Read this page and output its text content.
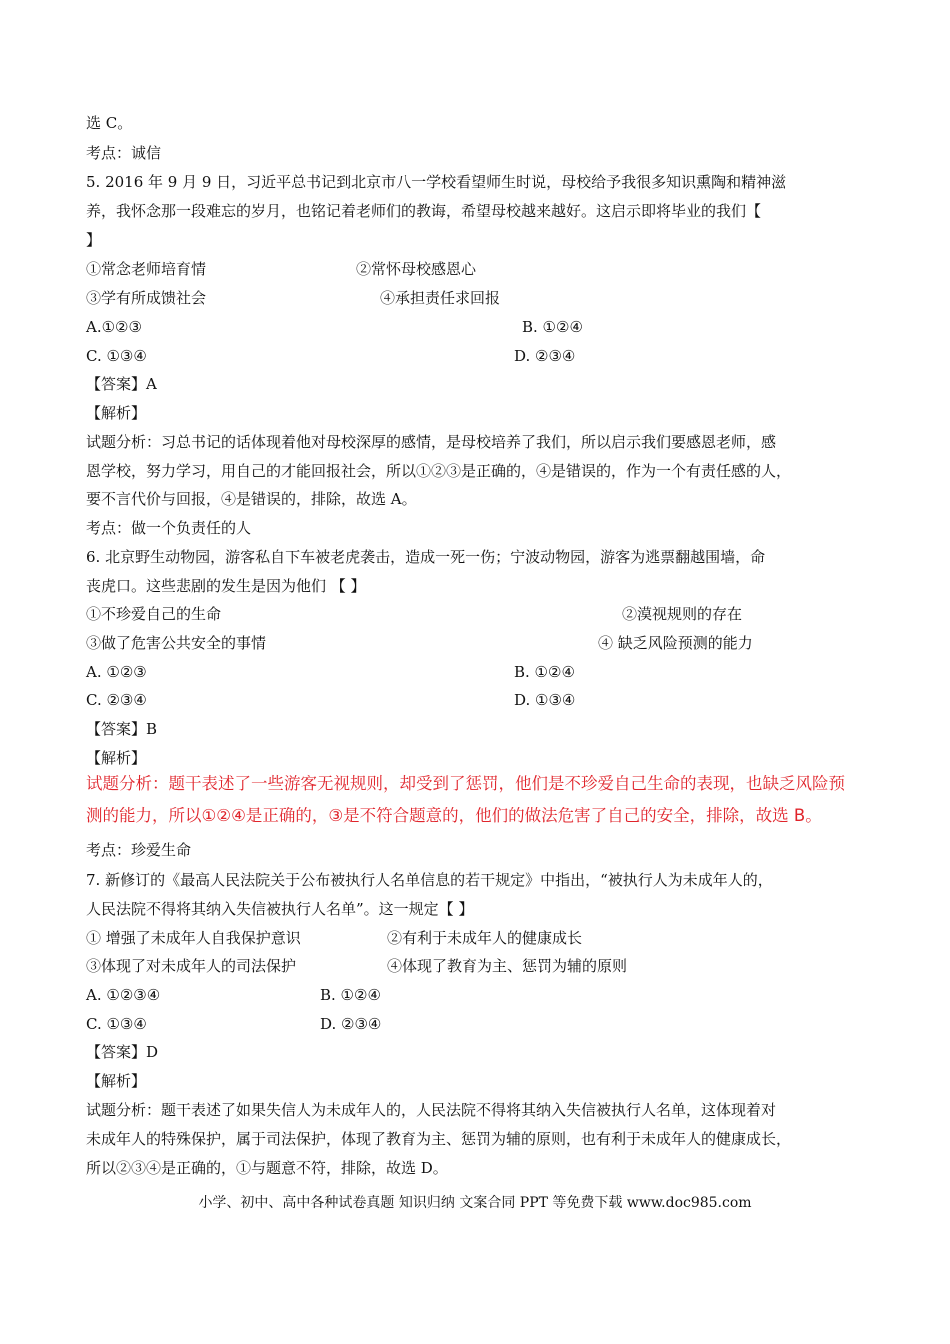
选 C。
考点：诚信
5. 2016 年 9 月 9 日，习近平总书记到北京市八一学校看望师生时说，母校给予我很多知识熏陶和精神滋
养，我怀念那一段难忘的岁月，也铭记着老师们的教诲，希望母校越来越好。这启示即将毕业的我们【
】
①常念老师培育情	②常怀母校感恩心
③学有所成馈社会	④承担责任求回报
A.①②③	B. ①②④
C. ①③④	D. ②③④
【答案】A
【解析】
试题分析：习总书记的话体现着他对母校深厚的感情，是母校培养了我们，所以启示我们要感恩老师，感
恩学校，努力学习，用自己的才能回报社会，所以①②③是正确的，④是错误的，作为一个有责任感的人，
要不言代价与回报，④是错误的，排除，故选 A。
考点：做一个负责任的人
6. 北京野生动物园，游客私自下车被老虎袭击，造成一死一伤；宁波动物园，游客为逃票翻越围墙，命
丧虎口。这些悲剧的发生是因为他们 【 】
①不珍爱自己的生命	②漠视规则的存在
③做了危害公共安全的事情	④ 缺乏风险预测的能力
A. ①②③	B. ①②④
C. ②③④	D. ①③④
【答案】B
【解析】
试题分析：题干表述了一些游客无视规则，却受到了惩罚，他们是不珍爱自己生命的表现，也缺乏风险预
测的能力，所以①②④是正确的，③是不符合题意的，他们的做法危害了自己的安全，排除，故选 B。
考点：珍爱生命
7. 新修订的《最高人民法院关于公布被执行人名单信息的若干规定》中指出，“被执行人为未成年人的，
人民法院不得将其纳入失信被执行人名单”。这一规定【 】
① 增强了未成年人自我保护意识	②有利于未成年人的健康成长
③体现了对未成年人的司法保护	④体现了教育为主、惩罚为辅的原则
A. ①②③④	B. ①②④
C. ①③④	D. ②③④
【答案】D
【解析】
试题分析：题干表述了如果失信人为未成年人的，人民法院不得将其纳入失信被执行人名单，这体现着对
未成年人的特殊保护，属于司法保护，体现了教育为主、惩罚为辅的原则，也有利于未成年人的健康成长，
所以②③④是正确的，①与题意不符，排除，故选 D。
小学、初中、高中各种试卷真题 知识归纳 文案合同 PPT 等免费下载 www.doc985.com
